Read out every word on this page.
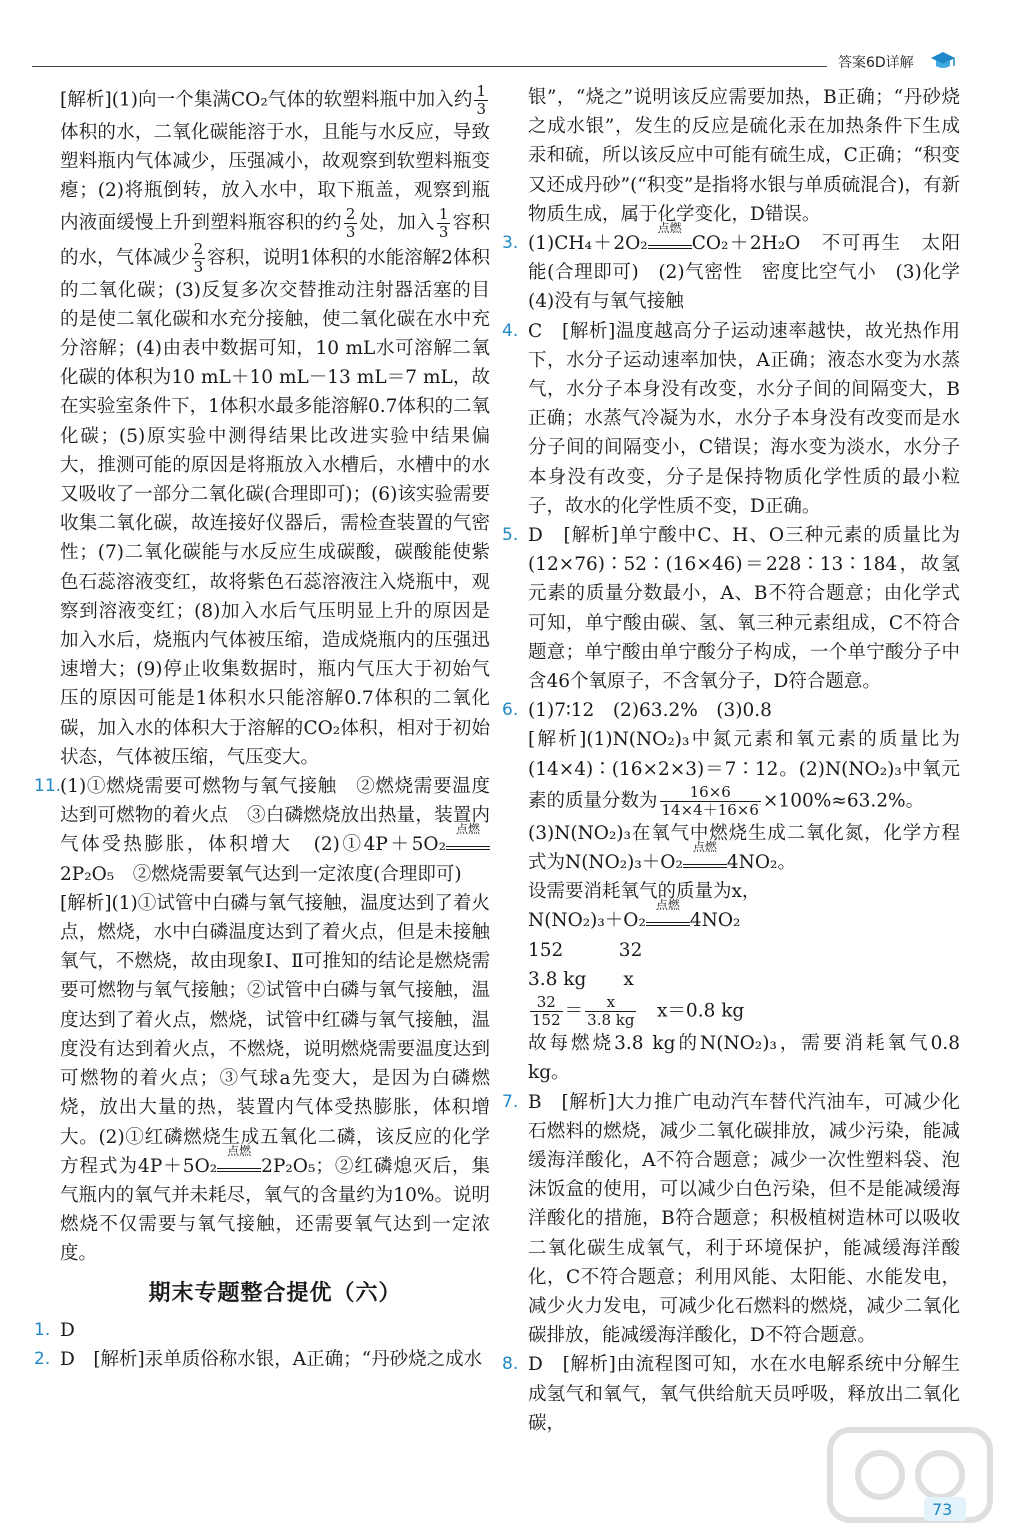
答案6D详解

[解析](1)向一个集满CO₂气体的软塑料瓶中加入约 $\frac{1}{3}$
体积的水，二氧化碳能溶于水，且能与水反应，导致塑料瓶内气体减少，压强减小，故观察到软塑料瓶变瘪；(2)将瓶倒转，放入水中，取下瓶盖，观察到瓶内液面缓慢上升到塑料瓶容积的约 $\frac{2}{3}$ 处，加入 $\frac{1}{3}$ 容积的水，气体减少 $\frac{2}{3}$ 容积，说明1体积的水能溶解2体积的二氧化碳；(3)反复多次交替推动注射器活塞的目的是使二氧化碳和水充分接触，使二氧化碳在水中充分溶解；(4)由表中数据可知，10 mL水可溶解二氧化碳的体积为10 mL＋10 mL－13 mL＝7 mL，故在实验室条件下，1体积水最多能溶解0.7体积的二氧化碳；(5)原实验中测得结果比改进实验中结果偏大，推测可能的原因是将瓶放入水槽后，水槽中的水又吸收了一部分二氧化碳(合理即可)；(6)该实验需要收集二氧化碳，故连接好仪器后，需检查装置的气密性；(7)二氧化碳能与水反应生成碳酸，碳酸能使紫色石蕊溶液变红，故将紫色石蕊溶液注入烧瓶中，观察到溶液变红；(8)加入水后气压明显上升的原因是加入水后，烧瓶内气体被压缩，造成烧瓶内的压强迅速增大；(9)停止收集数据时，瓶内气压大于初始气压的原因可能是1体积水只能溶解0.7体积的二氧化碳，加入水的体积大于溶解的CO₂体积，相对于初始状态，气体被压缩，气压变大。

11.

(1)①燃烧需要可燃物与氧气接触　②燃烧需要温度达到可燃物的着火点　③白磷燃烧放出热量，装置内气体受热膨胀，体积增大　(2)①4P＋5O₂
点燃
2P₂O₅　②燃烧需要氧气达到一定浓度(合理即可)

[解析](1)①试管中白磷与氧气接触，温度达到了着火点，燃烧，水中白磷温度达到了着火点，但是未接触氧气，不燃烧，故由现象Ⅰ、Ⅱ可推知的结论是燃烧需要可燃物与氧气接触；②试管中白磷与氧气接触，温度达到了着火点，燃烧，试管中红磷与氧气接触，温度没有达到着火点，不燃烧，说明燃烧需要温度达到可燃物的着火点；③气球a先变大，是因为白磷燃烧，放出大量的热，装置内气体受热膨胀，体积增大。(2)①红磷燃烧生成五氧化二磷，该反应的化学方程式为4P＋5O₂
点燃
2P₂O₅；②红磷熄灭后，集气瓶内的氧气并未耗尽，氧气的含量约为10%。说明燃烧不仅需要与氧气接触，还需要氧气达到一定浓度。

期末专题整合提优（六）
1. D

2. D　[解析]汞单质俗称水银，A正确；“丹砂烧之成水

银”，“烧之”说明该反应需要加热，B正确；“丹砂烧之成水银”，发生的反应是硫化汞在加热条件下生成汞和硫，所以该反应中可能有硫生成，C正确；“积变又还成丹砂”(“积变”是指将水银与单质硫混合)，有新物质生成，属于化学变化，D错误。

3. (1)CH₄＋2O₂
点燃
CO₂＋2H₂O　不可再生　太阳能(合理即可)　(2)气密性　密度比空气小　(3)化学　(4)没有与氧气接触

4. C　[解析]温度越高分子运动速率越快，故光热作用下，水分子运动速率加快，A正确；液态水变为水蒸气，水分子本身没有改变，水分子间的间隔变大，B正确；水蒸气冷凝为水，水分子本身没有改变而是水分子间的间隔变小，C错误；海水变为淡水，水分子本身没有改变，分子是保持物质化学性质的最小粒子，故水的化学性质不变，D正确。

5. D　[解析]单宁酸中C、H、O三种元素的质量比为(12×76)∶52∶(16×46)＝228∶13∶184，故氢元素的质量分数最小，A、B不符合题意；由化学式可知，单宁酸由碳、氢、氧三种元素组成，C不符合题意；单宁酸由单宁酸分子构成，一个单宁酸分子中含46个氧原子，不含氧分子，D符合题意。

6. (1)7∶12　(2)63.2%　(3)0.8

[解析](1)N(NO₂)₃中氮元素和氧元素的质量比为(14×4)∶(16×2×3)＝7∶12。(2)N(NO₂)₃中氧元素的质量分数为 $\frac{16\times 6}{14\times 4+16\times 6} \times 100\%\approx 63.2\%$。

(3)N(NO₂)₃在氧气中燃烧生成二氧化氮，化学方程式为N(NO₂)₃＋O₂
点燃
4NO₂。

设需要消耗氧气的质量为x，

N(NO₂)₃＋O₂
点燃
4NO₂

152　　　32

3.8 kg　　x

$\frac{32}{152} = \frac{x}{3.8 kg}$ 　x＝0.8 kg

故每燃烧3.8 kg的N(NO₂)₃，需要消耗氧气0.8 kg。

7. B　[解析]大力推广电动汽车替代汽油车，可减少化石燃料的燃烧，减少二氧化碳排放，减少污染，能减缓海洋酸化，A不符合题意；减少一次性塑料袋、泡沫饭盒的使用，可以减少白色污染，但不是能减缓海洋酸化的措施，B符合题意；积极植树造林可以吸收二氧化碳生成氧气，利于环境保护，能减缓海洋酸化，C不符合题意；利用风能、太阳能、水能发电，减少火力发电，可减少化石燃料的燃烧，减少二氧化碳排放，能减缓海洋酸化，D不符合题意。

8. D　[解析]由流程图可知，水在水电解系统中分解生成氢气和氧气，氧气供给航天员呼吸，释放出二氧化碳，

73
